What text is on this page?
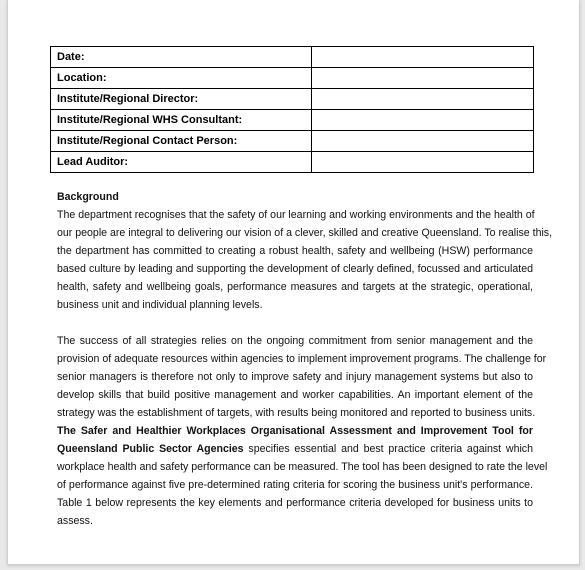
Date:	
Location:	
Institute/Regional Director:	
Institute/Regional WHS Consultant:	
Institute/Regional Contact Person:	
Lead Auditor:	
Background

The department recognises that the safety of our learning and working environments and the health of
our people are integral to delivering our vision of a clever, skilled and creative Queensland. To realise this,
the department has committed to creating a robust health, safety and wellbeing (HSW) performance
based culture by leading and supporting the development of clearly defined, focussed and articulated
health, safety and wellbeing goals, performance measures and targets at the strategic, operational,
business unit and individual planning levels.

The success of all strategies relies on the ongoing commitment from senior management and the
provision of adequate resources within agencies to implement improvement programs. The challenge for
senior managers is therefore not only to improve safety and injury management systems but also to
develop skills that build positive management and worker capabilities. An important element of the
strategy was the establishment of targets, with results being monitored and reported to business units.
The Safer and Healthier Workplaces Organisational Assessment and Improvement Tool for
Queensland Public Sector Agencies specifies essential and best practice criteria against which
workplace health and safety performance can be measured. The tool has been designed to rate the level
of performance against five pre-determined rating criteria for scoring the business unit's performance.
Table 1 below represents the key elements and performance criteria developed for business units to
assess.
